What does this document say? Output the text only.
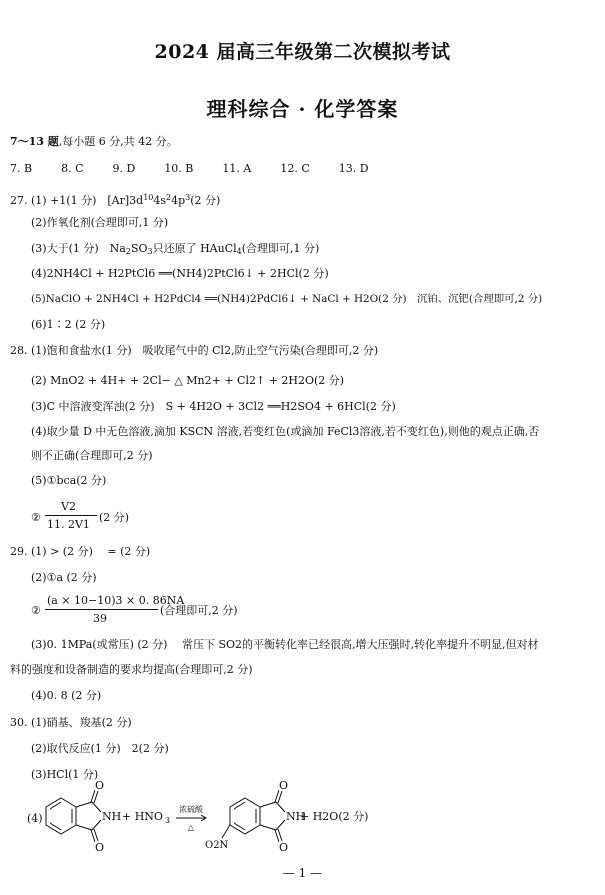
2024 届高三年级第二次模拟考试
理科综合 · 化学答案
7～13 题,每小题 6 分,共 42 分。
7. B	8. C	9. D	10. B	11. A	12. C	13. D
27. (1) +1(1 分)　$[Ar]3d^{10}4s^24p^3(2$ 分)
(2)作氧化剂(合理即可,1 分)
(3)大于(1 分)　$Na_2SO_3$只还原了 HAuCl$_4$(合理即可,1 分)
(4)2NH4Cl + H2PtCl6 ══(NH4)2PtCl6↓ + 2HCl(2 分)
(5)NaClO + 2NH4Cl + H2PdCl4 ══(NH4)2PdCl6↓ + NaCl + H2O(2 分)　沉铂、沉钯(合理即可,2 分)
(6)1∶2 (2 分)
28. (1)饱和食盐水(1 分)　吸收尾气中的 Cl2,防止空气污染(合理即可,2 分)
(2) MnO2 + 4H+ + 2Cl− △ Mn2+ + Cl2↑ + 2H2O(2 分)
(3)C 中溶液变浑浊(2 分)　S + 4H2O + 3Cl2 ══H2SO4 + 6HCl(2 分)
(4)取少量 D 中无色溶液,滴加 KSCN 溶液,若变红色(或滴加 FeCl3溶液,若不变红色),则他的观点正确,否
则不正确(合理即可,2 分)
(5)①bca(2 分)
②
V2
11. 2V1
(2 分)
29. (1) > (2 分)　 = (2 分)
(2)①a (2 分)
②
(a × 10−10)3 × 0. 86NA
39
(合理即可,2 分)
(3)0. 1MPa(或常压) (2 分)　 常压下 SO2的平衡转化率已经很高,增大压强时,转化率提升不明显,但对材
料的强度和设备制造的要求均提高(合理即可,2 分)
(4)0. 8 (2 分)
30. (1)硝基、羧基(2 分)
(2)取代反应(1 分)　2(2 分)
(3)HCl(1 分)
(4)
O
O
NH + HNO 3
浓硫酸
△
O
O
NH
O2N
+ H2O(2 分)
— 1 —
